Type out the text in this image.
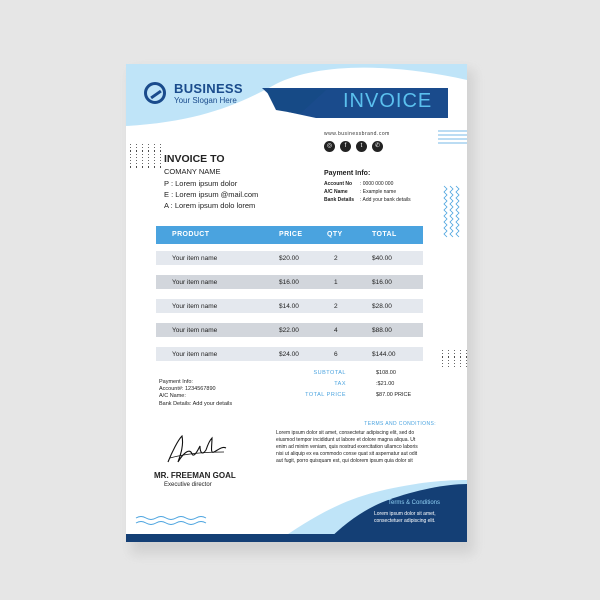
BUSINESS
Your Slogan Here	INVOICE
www.businessbrand.com
◎	f	t	✆
INVOICE TO
COMANY NAME
P : Lorem ipsum dolor
E : Lorem ipsum @mail.com
A : Lorem ipsum dolo lorem
Payment Info:
Account No : 0000 000 000
A/C Name : Example name
Bank Details : Add your bank details
PRODUCT	PRICE	QTY	TOTAL
Your item name	$20.00	2	$40.00
Your item name	$16.00	1	$16.00
Your item name	$14.00	2	$28.00
Your item name	$22.00	4	$88.00
Your item name	$24.00	6	$144.00
SUBTOTAL	$108.00
TAX	:$21.00
TOTAL PRICE	$87.00 PRICE
Payment Info:
Account#: 1234567890
A/C Name:
Bank Details: Add your details
TERMS AND CONDITIONS:
Lorem ipsum dolor sit amet, consectetur adipiscing elit, sed do
eiusmod tempor incididunt ut labore et dolore magna aliqua. Ut
enim ad minim veniam, quis nostrud exercitation ullamco laboris
nisi ut aliquip ex ea commodo conse quat sit aspernatur aut odit
aut fugit, porro quisquam est, qui dolorem ipsum quia dolor sit
MR. FREEMAN GOAL
Executive director
Terms & Conditions
Lorem ipsum dolor sit amet,
consectetuer adipiscing elit.
